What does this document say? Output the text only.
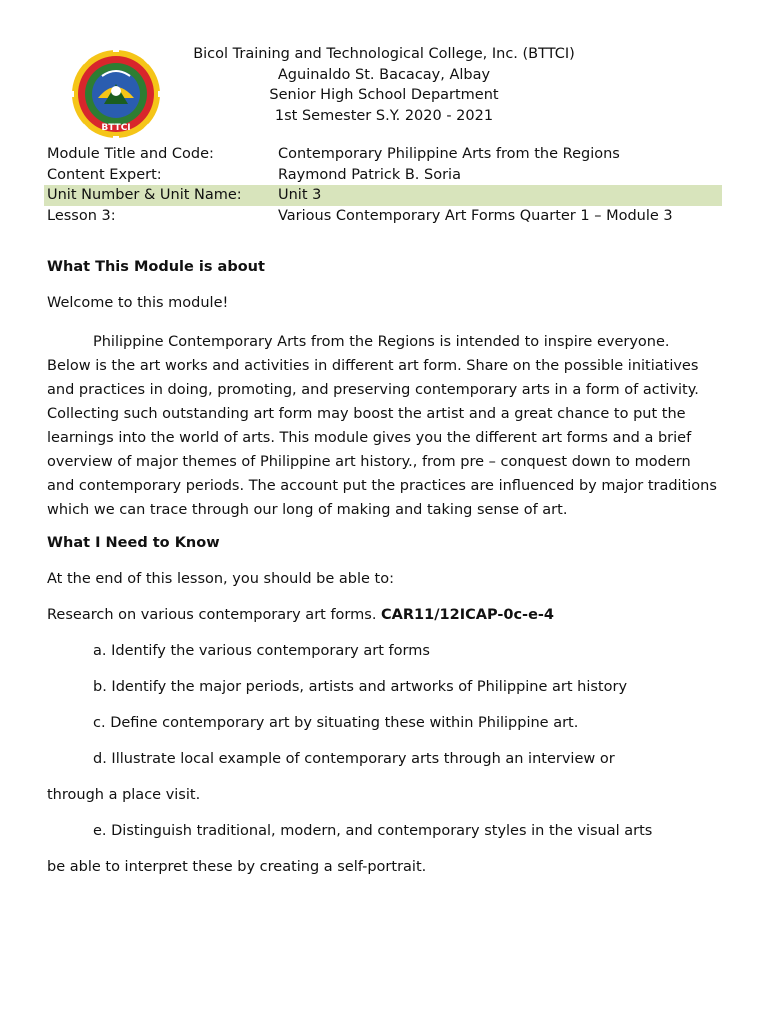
BTTCI
Bicol Training and Technological College, Inc. (BTTCI)
Aguinaldo St. Bacacay, Albay
Senior High School Department
1st Semester S.Y. 2020 - 2021
Module Title and Code:	Contemporary Philippine Arts from the Regions
Content Expert:	Raymond Patrick B. Soria
Unit Number & Unit Name:	Unit 3
Lesson 3:	Various Contemporary Art Forms Quarter 1 – Module 3
What This Module is about
Welcome to this module!
Philippine Contemporary Arts from the Regions is intended to inspire everyone.
Below is the art works and activities in different art form. Share on the possible initiatives
and practices in doing, promoting, and preserving contemporary arts in a form of activity.
Collecting such outstanding art form may boost the artist and a great chance to put the
learnings into the world of arts. This module gives you the different art forms and a brief
overview of major themes of Philippine art history., from pre – conquest down to modern
and contemporary periods. The account put the practices are influenced by major traditions
which we can trace through our long of making and taking sense of art.
What I Need to Know
At the end of this lesson, you should be able to:
Research on various contemporary art forms. CAR11/12ICAP-0c-e-4
a. Identify the various contemporary art forms
b. Identify the major periods, artists and artworks of Philippine art history
c. Define contemporary art by situating these within Philippine art.
d. Illustrate local example of contemporary arts through an interview or
through a place visit.
e. Distinguish traditional, modern, and contemporary styles in the visual arts
be able to interpret these by creating a self-portrait.
